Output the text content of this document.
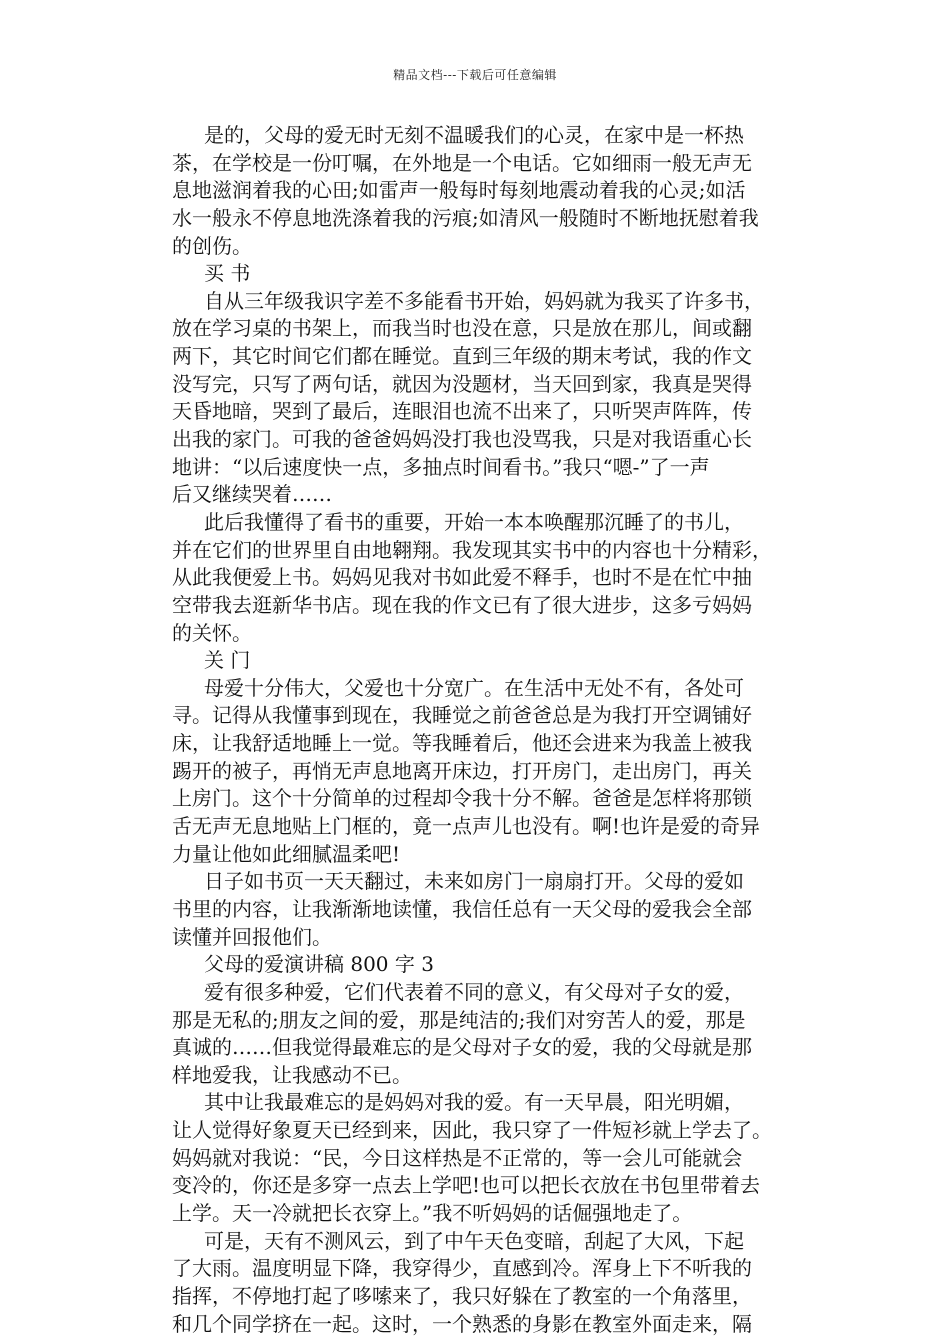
精品文档---下载后可任意编辑
是的，父母的爱无时无刻不温暖我们的心灵，在家中是一杯热
茶，在学校是一份叮嘱，在外地是一个电话。它如细雨一般无声无
息地滋润着我的心田;如雷声一般每时每刻地震动着我的心灵;如活
水一般永不停息地洗涤着我的污痕;如清风一般随时不断地抚慰着我
的创伤。
买 书
自从三年级我识字差不多能看书开始，妈妈就为我买了许多书，
放在学习桌的书架上，而我当时也没在意，只是放在那儿，间或翻
两下，其它时间它们都在睡觉。直到三年级的期末考试，我的作文
没写完，只写了两句话，就因为没题材，当天回到家，我真是哭得
天昏地暗，哭到了最后，连眼泪也流不出来了，只听哭声阵阵，传
出我的家门。可我的爸爸妈妈没打我也没骂我，只是对我语重心长
地讲：“以后速度快一点，多抽点时间看书。”我只“嗯-”了一声
后又继续哭着……
此后我懂得了看书的重要，开始一本本唤醒那沉睡了的书儿，
并在它们的世界里自由地翱翔。我发现其实书中的内容也十分精彩，
从此我便爱上书。妈妈见我对书如此爱不释手，也时不是在忙中抽
空带我去逛新华书店。现在我的作文已有了很大进步，这多亏妈妈
的关怀。
关 门
母爱十分伟大，父爱也十分宽广。在生活中无处不有，各处可
寻。记得从我懂事到现在，我睡觉之前爸爸总是为我打开空调铺好
床，让我舒适地睡上一觉。等我睡着后，他还会进来为我盖上被我
踢开的被子，再悄无声息地离开床边，打开房门，走出房门，再关
上房门。这个十分简单的过程却令我十分不解。爸爸是怎样将那锁
舌无声无息地贴上门框的，竟一点声儿也没有。啊!也许是爱的奇异
力量让他如此细腻温柔吧!
日子如书页一天天翻过，未来如房门一扇扇打开。父母的爱如
书里的内容，让我渐渐地读懂，我信任总有一天父母的爱我会全部
读懂并回报他们。
父母的爱演讲稿 800 字 3
爱有很多种爱，它们代表着不同的意义，有父母对子女的爱，
那是无私的;朋友之间的爱，那是纯洁的;我们对穷苦人的爱，那是
真诚的……但我觉得最难忘的是父母对子女的爱，我的父母就是那
样地爱我，让我感动不已。
其中让我最难忘的是妈妈对我的爱。有一天早晨，阳光明媚，
让人觉得好象夏天已经到来，因此，我只穿了一件短衫就上学去了。
妈妈就对我说：“民，今日这样热是不正常的，等一会儿可能就会
变冷的，你还是多穿一点去上学吧!也可以把长衣放在书包里带着去
上学。天一冷就把长衣穿上。”我不听妈妈的话倔强地走了。
可是，天有不测风云，到了中午天色变暗，刮起了大风，下起
了大雨。温度明显下降，我穿得少，直感到冷。浑身上下不听我的
指挥，不停地打起了哆嗦来了，我只好躲在了教室的一个角落里，
和几个同学挤在一起。这时，一个熟悉的身影在教室外面走来，隔
